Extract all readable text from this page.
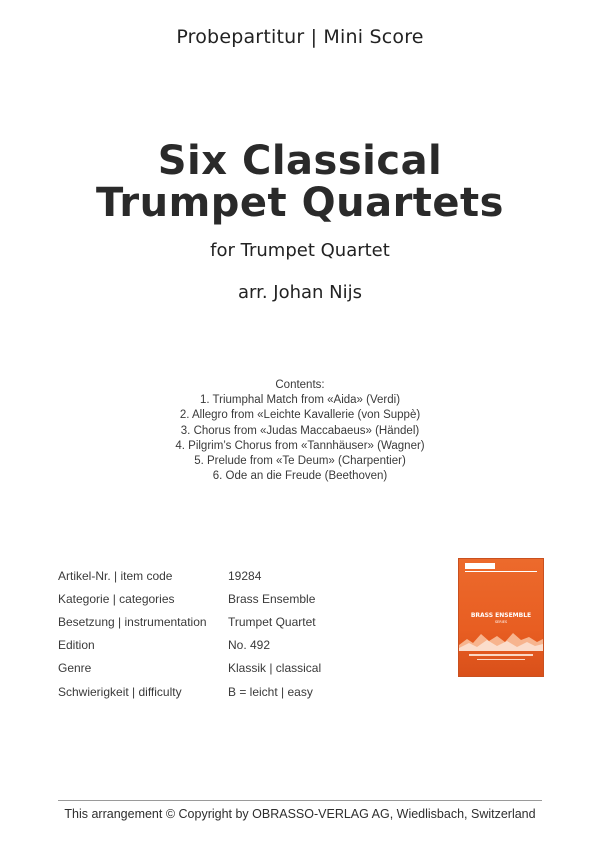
Probepartitur | Mini Score
Six Classical
Trumpet Quartets
for Trumpet Quartet
arr. Johan Nijs
Contents:
1. Triumphal Match from «Aida» (Verdi)
2. Allegro from «Leichte Kavallerie (von Suppè)
3. Chorus from «Judas Maccabaeus» (Händel)
4. Pilgrim’s Chorus from «Tannhäuser» (Wagner)
5. Prelude from «Te Deum» (Charpentier)
6. Ode an die Freude (Beethoven)
Artikel-Nr. | item code	19284
Kategorie | categories	Brass Ensemble
Besetzung | instrumentation	Trumpet Quartet
Edition	No. 492
Genre	Klassik | classical
Schwierigkeit | difficulty	B = leicht | easy
BRASS ENSEMBLE
SERIES
This arrangement © Copyright by OBRASSO-VERLAG AG, Wiedlisbach, Switzerland
